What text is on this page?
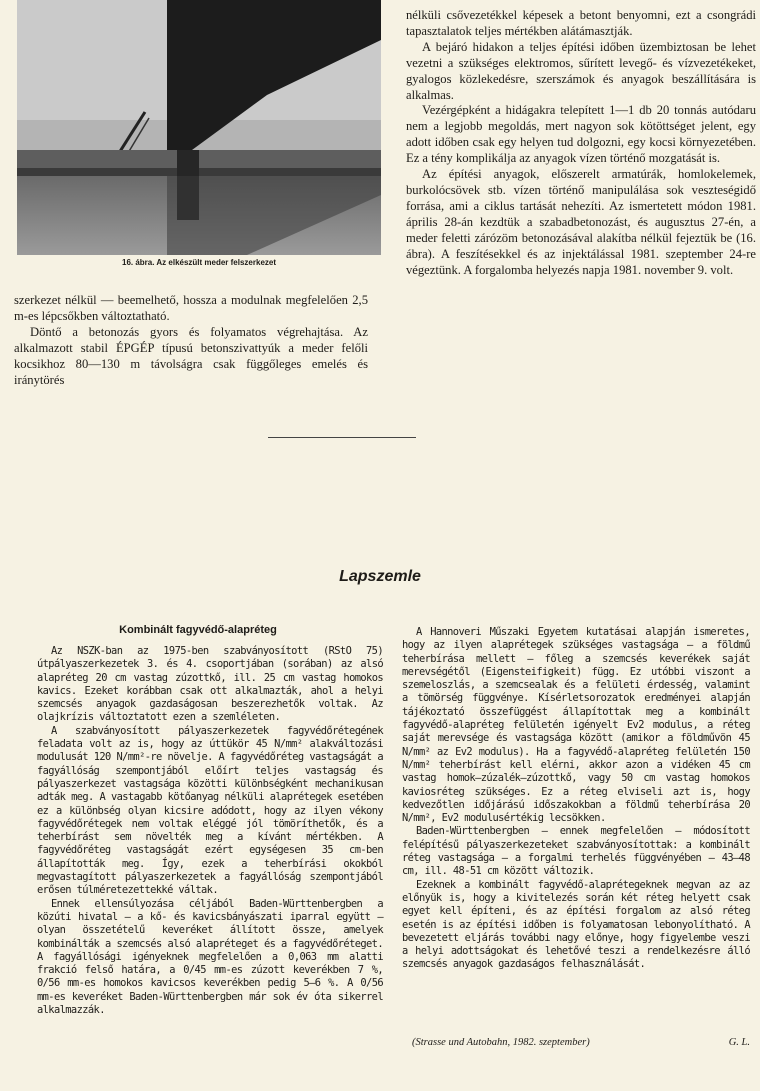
16. ábra. Az elkészült meder felszerkezet

szerkezet nélkül — beemelhető, hossza a modulnak megfelelően 2,5 m-es lépcsőkben változtatható.

Döntő a betonozás gyors és folyamatos végrehajtása. Az alkalmazott stabil ÉPGÉP típusú betonszivattyúk a meder felőli kocsikhoz 80—130 m távolságra csak függőleges emelés és iránytörés

nélküli csővezetékkel képesek a betont benyomni, ezt a csongrádi tapasztalatok teljes mértékben alátámasztják.

A bejáró hidakon a teljes építési időben üzembiztosan be lehet vezetni a szükséges elektromos, sűrített levegő- és vízvezetékeket, gyalogos közlekedésre, szerszámok és anyagok beszállítására is alkalmas.

Vezérgépként a hidágakra telepített 1—1 db 20 tonnás autódaru nem a legjobb megoldás, mert nagyon sok kötöttséget jelent, egy adott időben csak egy helyen tud dolgozni, egy kocsi környezetében. Ez a tény komplikálja az anyagok vízen történő mozgatását is.

Az építési anyagok, előszerelt armatúrák, homlokelemek, burkolócsövek stb. vízen történő manipulálása sok veszteségidő forrása, ami a ciklus tartását nehezíti. Az ismertetett módon 1981. április 28-án kezdtük a szabadbetonozást, és augusztus 27-én, a meder feletti zárózöm betonozásával alakítba nélkül fejeztük be (16. ábra). A feszítésekkel és az injektálással 1981. szeptember 24-re végeztünk. A forgalomba helyezés napja 1981. november 9. volt.

Lapszemle
Kombinált fagyvédő-alapréteg

Az NSZK-ban az 1975-ben szabványosított (RStO 75) útpályaszerkezetek 3. és 4. csoportjában (sorában) az alsó alapréteg 20 cm vastag zúzottkő, ill. 25 cm vastag homokos kavics. Ezeket korábban csak ott alkalmazták, ahol a helyi szemcsés anyagok gazdaságosan beszerezhetők voltak. Az olajkrízis változtatott ezen a szemléleten.

A szabványosított pályaszerkezetek fagyvédőrétegének feladata volt az is, hogy az úttükör 45 N/mm² alakváltozási modulusát 120 N/mm²-re növelje. A fagyvédőréteg vastagságát a fagyállóság szempontjából előírt teljes vastagság és pályaszerkezet vastagsága közötti különbségként mechanikusan adták meg. A vastagabb kötőanyag nélküli alaprétegek esetében ez a különbség olyan kicsire adódott, hogy az ilyen vékony fagyvédőrétegek nem voltak eléggé jól tömöríthetők, és a teherbírást sem növelték meg a kívánt mértékben. A fagyvédőréteg vastagságát ezért egységesen 35 cm-ben állapították meg. Így, ezek a teherbírási okokból megvastagított pályaszerkezetek a fagyállóság szempontjából erősen túlméretezettekké váltak.

Ennek ellensúlyozása céljából Baden-Württenbergben a közúti hivatal — a kő- és kavicsbányászati iparral együtt — olyan összetételű keveréket állított össze, amelyek kombinálták a szemcsés alsó alapréteget és a fagyvédőréteget. A fagyállósági igényeknek megfelelően a 0,063 mm alatti frakció felső határa, a 0/45 mm-es zúzott keverékben 7 %, 0/56 mm-es homokos kavicsos keverékben pedig 5—6 %. A 0/56 mm-es keveréket Baden-Württenbergben már sok év óta sikerrel alkalmazzák.

A Hannoveri Műszaki Egyetem kutatásai alapján ismeretes, hogy az ilyen alaprétegek szükséges vastagsága — a földmű teherbírása mellett — főleg a szemcsés keverékek saját merevségétől (Eigensteifigkeit) függ. Ez utóbbi viszont a szemeloszlás, a szemcsealak és a felületi érdesség, valamint a tömörség függvénye. Kísérletsorozatok eredményei alapján tájékoztató összefüggést állapítottak meg a kombinált fagyvédő-alapréteg felületén igényelt Ev2 modulus, a réteg saját merevsége és vastagsága között (amikor a földművön 45 N/mm² az Ev2 modulus). Ha a fagyvédő-alapréteg felületén 150 N/mm² teherbírást kell elérni, akkor azon a vidéken 45 cm vastag homok—zúzalék—zúzottkő, vagy 50 cm vastag homokos kaviosréteg szükséges. Ez a réteg elviseli azt is, hogy kedvezőtlen időjárású időszakokban a földmű teherbírása 20 N/mm², Ev2 modulusértékig lecsökken.

Baden-Württenbergben — ennek megfelelően — módosított felépítésű pályaszerkezeteket szabványosítottak: a kombinált réteg vastagsága — a forgalmi terhelés függvényében — 43—48 cm, ill. 48-51 cm között változik.

Ezeknek a kombinált fagyvédő-alaprétegeknek megvan az az előnyük is, hogy a kivitelezés során két réteg helyett csak egyet kell építeni, és az építési forgalom az alsó réteg esetén is az építési időben is folyamatosan lebonyolítható. A bevezetett eljárás további nagy előnye, hogy figyelembe veszi a helyi adottságokat és lehetővé teszi a rendelkezésre álló szemcsés anyagok gazdaságos felhasználását.

(Strasse und Autobahn, 1982. szeptember)	G. L.
